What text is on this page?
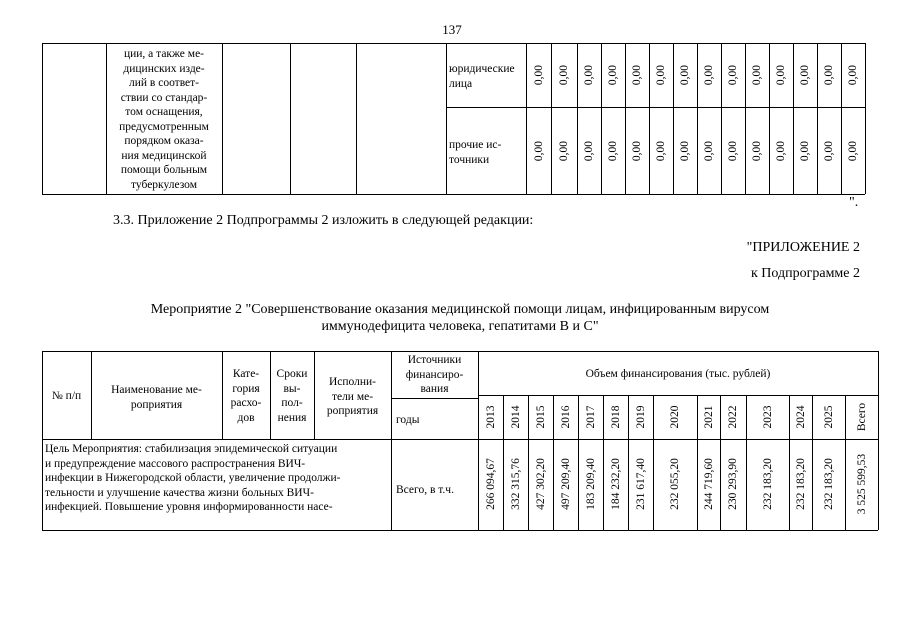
137
ции, а также ме-
дицинских изде-
лий в соответ-
ствии со стандар-
том оснащения,
предусмотренным
порядком оказа-
ния медицинской
помощи больным
туберкулезом
юридические
лица
прочие ис-
точники
0,00 0,00 0,00 0,00 0,00 0,00 0,00 0,00 0,00 0,00 0,00 0,00 0,00 0,00
0,00 0,00 0,00 0,00 0,00 0,00 0,00 0,00 0,00 0,00 0,00 0,00 0,00 0,00
".
3.3. Приложение 2 Подпрограммы 2 изложить в следующей редакции:
"ПРИЛОЖЕНИЕ 2
к Подпрограмме 2
Мероприятие 2 "Совершенствование оказания медицинской помощи лицам, инфицированным вирусом
иммунодефицита человека, гепатитами В и С"
№ п/п	Наименование ме-
роприятия
Кате-
гория
расхо-
дов
Сроки
вы-
пол-
нения
Исполни-
тели ме-
роприятия
Источники
финансиро-
вания
годы
Объем финансирования (тыс. рублей)
2013 2014 2015 2016 2017 2018 2019 2020 2021 2022 2023 2024 2025 Всего
Цель Мероприятия: стабилизация эпидемической ситуации
и предупреждение массового распространения ВИЧ-
инфекции в Нижегородской области, увеличение продолжи-
тельности и улучшение качества жизни больных ВИЧ-
инфекцией. Повышение уровня информированности насе-
Всего, в т.ч.	266 094,67 332 315,76 427 302,20 497 209,40 183 209,40 184 232,20 231 617,40 232 055,20 244 719,60 230 293,90 232 183,20 232 183,20 232 183,20 3 525 599,53
